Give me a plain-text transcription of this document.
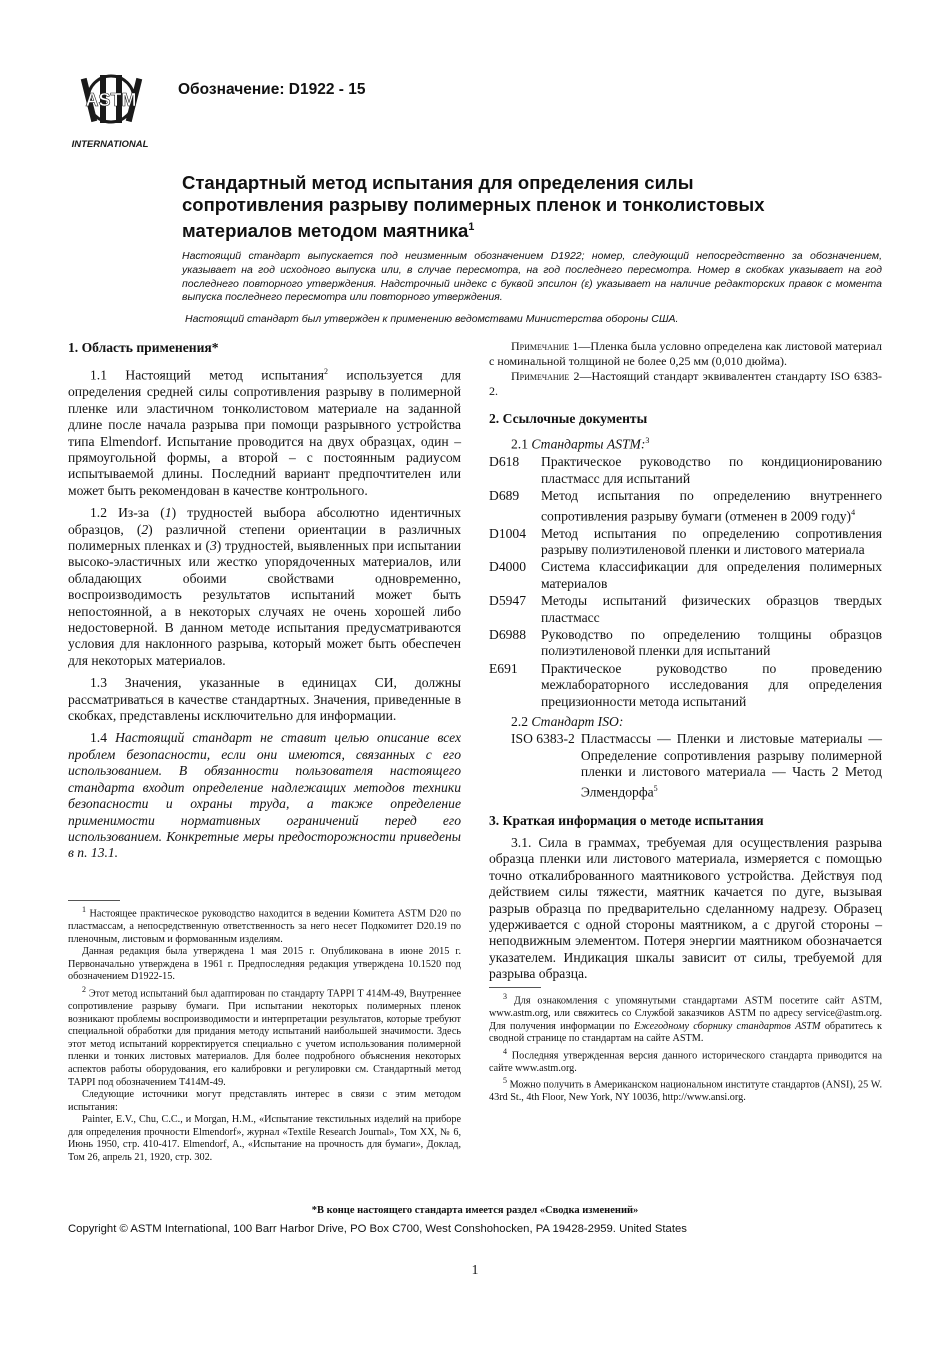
ASTM
INTERNATIONAL
Обозначение: D1922 - 15
Стандартный метод испытания для определения силы сопротивления разрыву полимерных пленок и тонколистовых материалов методом маятника$^1$
Настоящий стандарт выпускается под неизменным обозначением D1922; номер, следующий непосредственно за обозначением, указывает на год исходного выпуска или, в случае пересмотра, на год последнего пересмотра. Номер в скобках указывает на год последнего повторного утверждения. Надстрочный индекс с буквой эпсилон (ε) указывает на наличие редакторских правок с момента выпуска последнего пересмотра или повторного утверждения.
Настоящий стандарт был утвержден к применению ведомствами Министерства обороны США.

1. Область применения*

1.1 Настоящий метод испытания$^2$ используется для определения средней силы сопротивления разрыву в полимерной пленке или эластичном тонколистовом материале на заданной длине после начала разрыва при помощи разрывного устройства типа Elmendorf. Испытание проводится на двух образцах, один – прямоугольной формы, а второй – с постоянным радиусом испытываемой длины. Последний вариант предпочтителен или может быть рекомендован в качестве контрольного.

1.2 Из-за (1) трудностей выбора абсолютно идентичных образцов, (2) различной степени ориентации в различных полимерных пленках и (3) трудностей, выявленных при испытании высоко-эластичных или жестко упорядоченных материалов, или обладающих обоими свойствами одновременно, воспроизводимость результатов испытаний может быть непостоянной, а в некоторых случаях не очень хорошей либо недостоверной. В данном методе испытания предусматриваются условия для наклонного разрыва, который может быть обеспечен для некоторых материалов.

1.3 Значения, указанные в единицах СИ, должны рассматриваться в качестве стандартных. Значения, приведенные в скобках, представлены исключительно для информации.

1.4 Настоящий стандарт не ставит целью описание всех проблем безопасности, если они имеются, связанных с его использованием. В обязанности пользователя настоящего стандарта входит определение надлежащих методов техники безопасности и охраны труда, а также определение применимости нормативных ограничений перед его использованием. Конкретные меры предосторожности приведены в п. 13.1.

$^1$ Настоящее практическое руководство находится в ведении Комитета ASTM D20 по пластмассам, а непосредственную ответственность за него несет Подкомитет D20.19 по пленочным, листовым и формованным изделиям.

Данная редакция была утверждена 1 мая 2015 г. Опубликована в июне 2015 г. Первоначально утверждена в 1961 г. Предпоследняя редакция утверждена 10.1520 под обозначением D1922-15.

$^2$ Этот метод испытаний был адаптирован по стандарту TAPPI T 414M-49, Внутреннее сопротивление разрыву бумаги. При испытании некоторых полимерных пленок возникают проблемы воспроизводимости и интерпретации результатов, которые требуют специальной обработки для придания методу испытаний наибольшей значимости. Здесь этот метод испытаний корректируется специально с учетом использования полимерной пленки и тонких листовых материалов. Для более подробного объяснения некоторых аспектов работы оборудования, его калибровки и регулировки см. Стандартный метод TAPPI под обозначением T414M-49.

Следующие источники могут представлять интерес в связи с этим методом испытания:

Painter, E.V., Chu, C.C., и Morgan, H.M., «Испытание текстильных изделий на приборе для определения прочности Elmendorf», журнал «Textile Research Journal», Том XX, № 6, Июнь 1950, стр. 410-417. Elmendorf, A., «Испытание на прочность для бумаги», Доклад, Том 26, апрель 21, 1920, стр. 302.

Примечание 1—Пленка была условно определена как листовой материал с номинальной толщиной не более 0,25 мм (0,010 дюйма).
Примечание 2—Настоящий стандарт эквивалентен стандарту ISO 6383-2.

2. Ссылочные документы

2.1 Стандарты ASTM:$^3$

D618	Практическое руководство по кондиционированию пластмасс для испытаний
D689	Метод испытания по определению внутреннего сопротивления разрыву бумаги (отменен в 2009 году)$^4$
D1004	Метод испытания по определению сопротивления разрыву полиэтиленовой пленки и листового материала
D4000	Система классификации для определения полимерных материалов
D5947	Методы испытаний физических образцов твердых пластмасс
D6988	Руководство по определению толщины образцов полиэтиленовой пленки для испытаний
E691	Практическое руководство по проведению межлабораторного исследования для определения прецизионности метода испытаний

2.2 Стандарт ISO:

ISO 6383-2 Пластмассы — Пленки и листовые материалы — Определение сопротивления разрыву полимерной пленки и листового материала — Часть 2 Метод Элмендорфа$^5$

3. Краткая информация о методе испытания

3.1. Сила в граммах, требуемая для осуществления разрыва образца пленки или листового материала, измеряется с помощью точно откалиброванного маятникового устройства. Действуя под действием силы тяжести, маятник качается по дуге, вызывая разрыв образца по предварительно сделанному надрезу. Образец удерживается с одной стороны маятником, а с другой стороны – неподвижным элементом. Потеря энергии маятником обозначается указателем. Индикация шкалы зависит от силы, требуемой для разрыва образца.

$^3$ Для ознакомления с упомянутыми стандартами ASTM посетите сайт ASTM, www.astm.org, или свяжитесь со Службой заказчиков ASTM по адресу service@astm.org. Для получения информации по Ежегодному сборнику стандартов ASTM обратитесь к сводной странице по стандартам на сайте ASTM.

$^4$ Последняя утвержденная версия данного исторического стандарта приводится на сайте www.astm.org.

$^5$ Можно получить в Американском национальном институте стандартов (ANSI), 25 W. 43rd St., 4th Floor, New York, NY 10036, http://www.ansi.org.

*В конце настоящего стандарта имеется раздел «Сводка изменений»
Copyright © ASTM International, 100 Barr Harbor Drive, PO Box C700, West Conshohocken, PA 19428-2959. United States
1
